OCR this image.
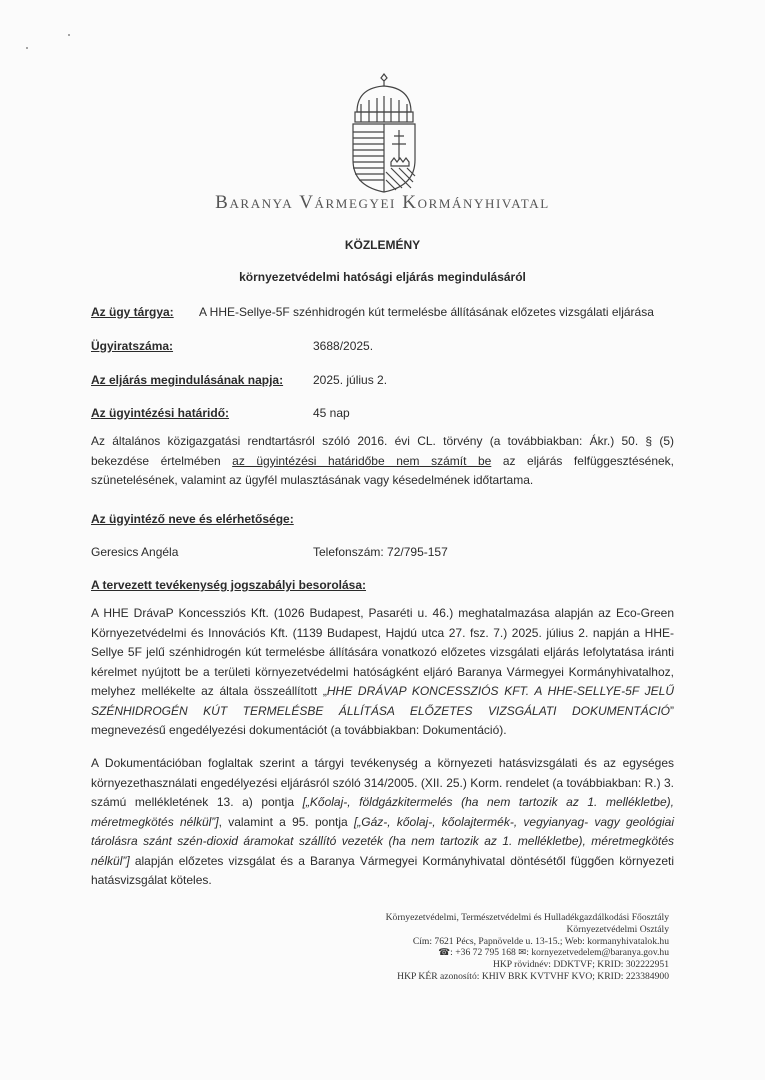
Baranya Vármegyei Kormányhivatal
KÖZLEMÉNY
környezetvédelmi hatósági eljárás megindulásáról
Az ügy tárgya: A HHE-Sellye-5F szénhidrogén kút termelésbe állításának előzetes vizsgálati eljárása
Ügyiratszáma:	3688/2025.
Az eljárás megindulásának napja: 2025. július 2.
Az ügyintézési határidő:	45 nap
Az általános közigazgatási rendtartásról szóló 2016. évi CL. törvény (a továbbiakban: Ákr.) 50. § (5) bekezdése értelmében az ügyintézési határidőbe nem számít be az eljárás felfüggesztésének, szünetelésének, valamint az ügyfél mulasztásának vagy késedelmének időtartama.
Az ügyintéző neve és elérhetősége:
Geresics Angéla	Telefonszám: 72/795-157
A tervezett tevékenység jogszabályi besorolása:
A HHE DrávaP Koncessziós Kft. (1026 Budapest, Pasaréti u. 46.) meghatalmazása alapján az Eco-Green Környezetvédelmi és Innovációs Kft. (1139 Budapest, Hajdú utca 27. fsz. 7.) 2025. július 2. napján a HHE- Sellye 5F jelű szénhidrogén kút termelésbe állítására vonatkozó előzetes vizsgálati eljárás lefolytatása iránti kérelmet nyújtott be a területi környezetvédelmi hatóságként eljáró Baranya Vármegyei Kormányhivatalhoz, melyhez mellékelte az általa összeállított „HHE DRÁVAP KONCESSZIÓS KFT. A HHE-SELLYE-5F JELŰ SZÉNHIDROGÉN KÚT TERMELÉSBE ÁLLÍTÁSA ELŐZETES VIZSGÁLATI DOKUMENTÁCIÓ” megnevezésű engedélyezési dokumentációt (a továbbiakban: Dokumentáció).
A Dokumentációban foglaltak szerint a tárgyi tevékenység a környezeti hatásvizsgálati és az egységes környezethasználati engedélyezési eljárásról szóló 314/2005. (XII. 25.) Korm. rendelet (a továbbiakban: R.) 3. számú mellékletének 13. a) pontja [„Kőolaj-, földgázkitermelés (ha nem tartozik az 1. mellékletbe), méretmegkötés nélkül”], valamint a 95. pontja [„Gáz-, kőolaj-, kőolajtermék-, vegyianyag- vagy geológiai tárolásra szánt szén-dioxid áramokat szállító vezeték (ha nem tartozik az 1. mellékletbe), méretmegkötés nélkül”] alapján előzetes vizsgálat és a Baranya Vármegyei Kormányhivatal döntésétől függően környezeti hatásvizsgálat köteles.
Környezetvédelmi, Természetvédelmi és Hulladékgazdálkodási Főosztály
Környezetvédelmi Osztály
Cím: 7621 Pécs, Papnövelde u. 13-15.; Web: kormanyhivatalok.hu
☎: +36 72 795 168 ✉: kornyezetvedelem@baranya.gov.hu
HKP rövidnév: DDKTVF; KRID: 302222951
HKP KÉR azonosító: KHIV BRK KVTVHF KVO; KRID: 223384900
